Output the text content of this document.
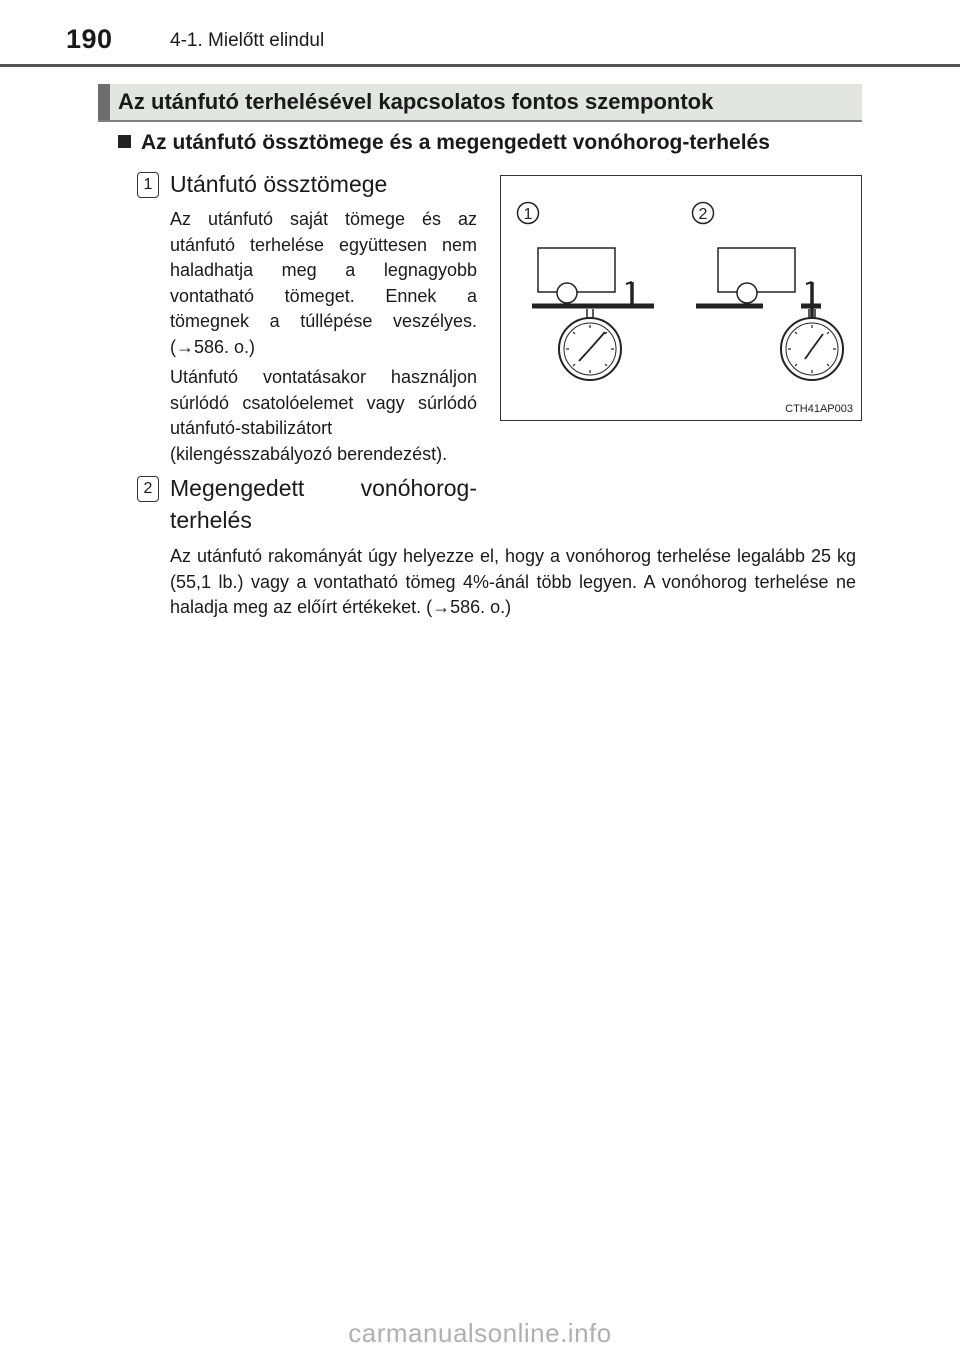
190	4-1. Mielőtt elindul
Az utánfutó terhelésével kapcsolatos fontos szempontok
Az utánfutó össztömege és a megengedett vonóhorog-terhelés
1 Utánfutó össztömege
Az utánfutó saját tömege és az utánfutó terhelése együttesen nem haladhatja meg a legnagyobb vontatható tömeget. Ennek a tömegnek a túllépése veszélyes. (→586. o.)
Utánfutó vontatásakor használjon súrlódó csatolóelemet vagy súrlódó utánfutó-stabilizátort (kilengésszabályozó berendezést).
2 Megengedett vonóhorog-terhelés
Az utánfutó rakományát úgy helyezze el, hogy a vonóhorog terhelése legalább 25 kg (55,1 lb.) vagy a vontatható tömeg 4%-ánál több legyen. A vonóhorog terhelése ne haladja meg az előírt értékeket. (→586. o.)
1	2
CTH41AP003
carmanualsonline.info
